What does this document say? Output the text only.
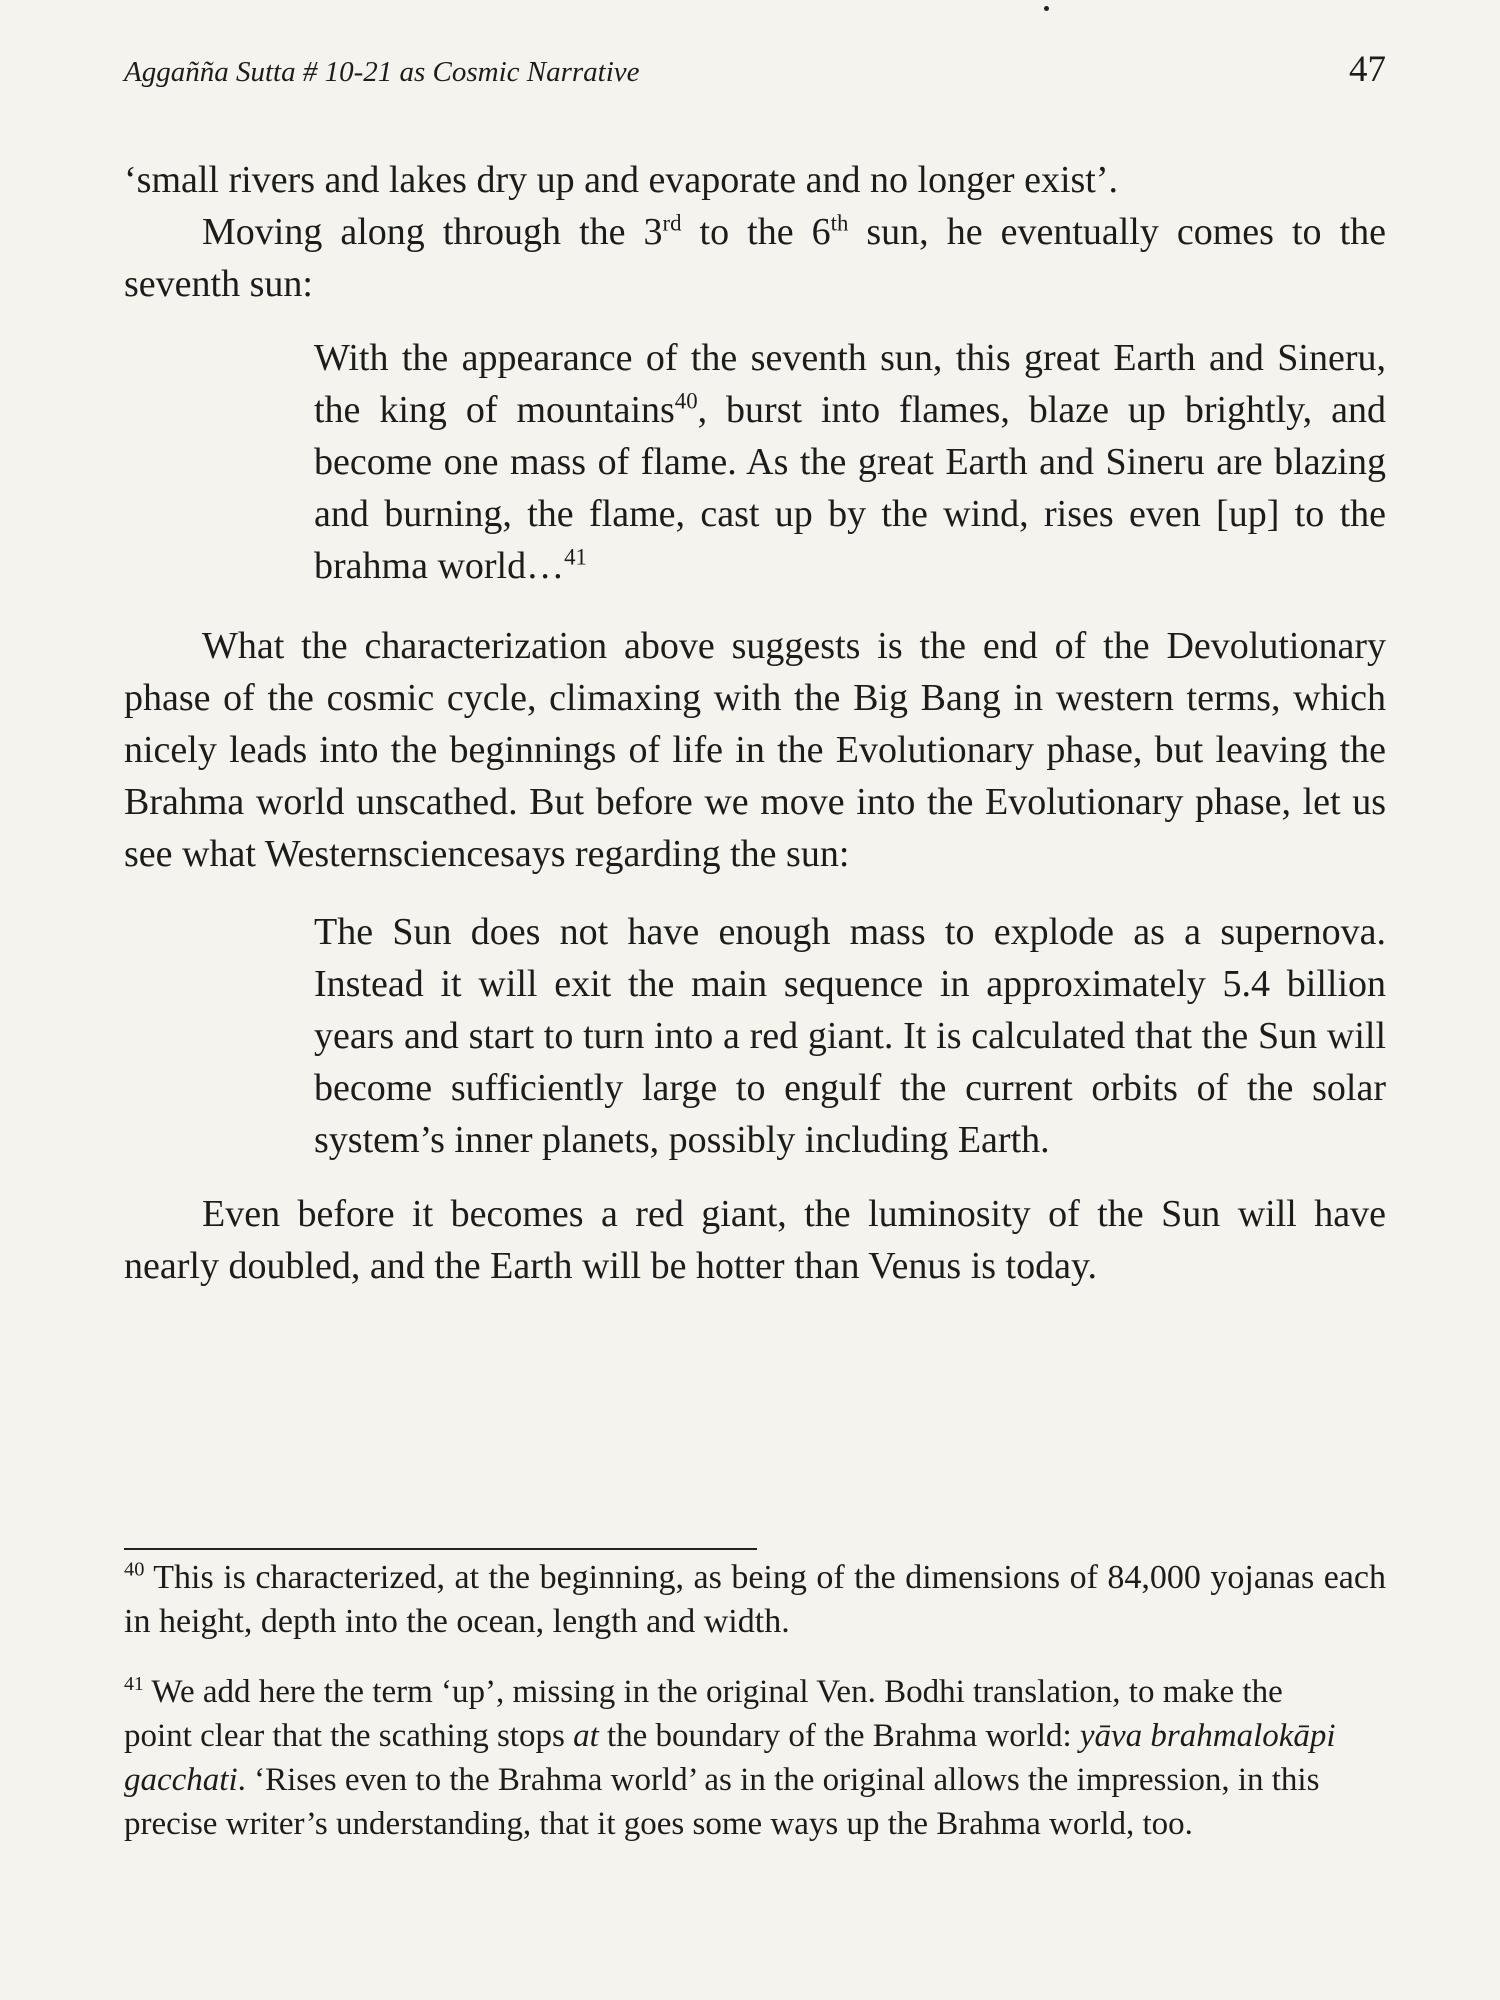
Aggañña Sutta # 10-21 as Cosmic Narrative	47

‘small rivers and lakes dry up and evaporate and no longer exist’.

Moving along through the 3rd to the 6th sun, he eventually comes to the seventh sun:

With the appearance of the seventh sun, this great Earth and Sineru, the king of mountains$^{40}$, burst into flames, blaze up brightly, and become one mass of flame. As the great Earth and Sineru are blazing and burning, the flame, cast up by the wind, rises even [up] to the brahma world…$^{41}$

What the characterization above suggests is the end of the Devolutionary phase of the cosmic cycle, climaxing with the Big Bang in western terms, which nicely leads into the beginnings of life in the Evolutionary phase, but leaving the Brahma world unscathed. But before we move into the Evolutionary phase, let us see what Westernsciencesays regarding the sun:

The Sun does not have enough mass to explode as a supernova. Instead it will exit the main sequence in approximately 5.4 billion years and start to turn into a red giant. It is calculated that the Sun will become sufficiently large to engulf the current orbits of the solar system’s inner planets, possibly including Earth.

Even before it becomes a red giant, the luminosity of the Sun will have nearly doubled, and the Earth will be hotter than Venus is today.

$^{40}$ This is characterized, at the beginning, as being of the dimensions of 84,000 yojanas each in height, depth into the ocean, length and width.

$^{41}$ We add here the term ‘up’, missing in the original Ven. Bodhi translation, to make the point clear that the scathing stops at the boundary of the Brahma world: yāva brahmalokāpi gacchati. ‘Rises even to the Brahma world’ as in the original allows the impression, in this precise writer’s understanding, that it goes some ways up the Brahma world, too.
